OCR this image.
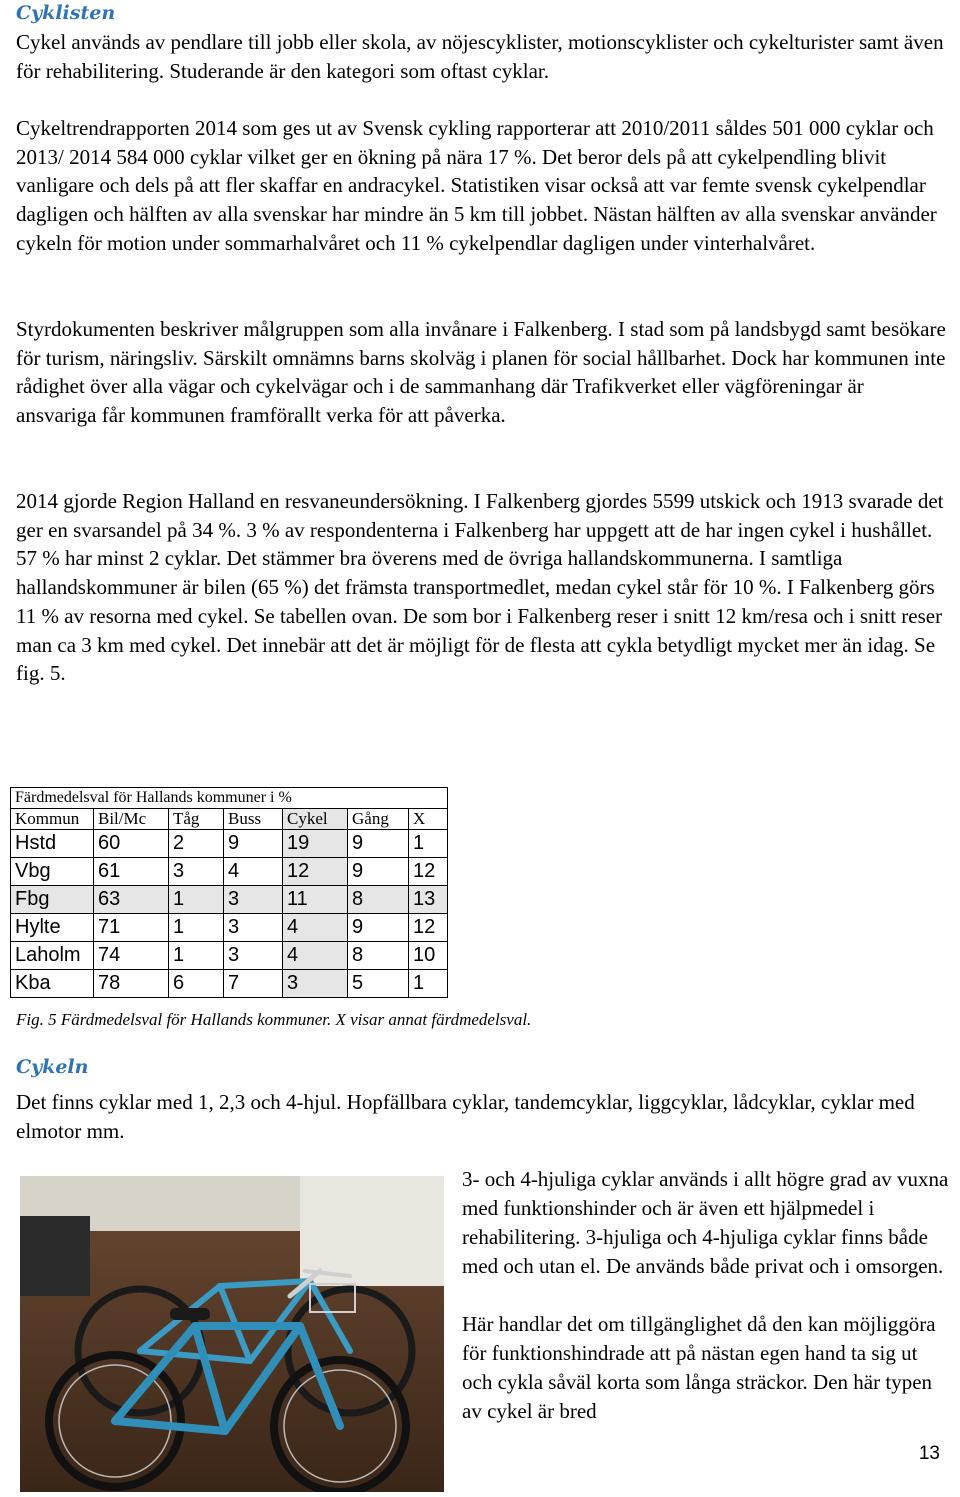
Cyklisten

Cykel används av pendlare till jobb eller skola, av nöjescyklister, motionscyklister och cykelturister samt även för rehabilitering. Studerande är den kategori som oftast cyklar.

Cykeltrendrapporten 2014 som ges ut av Svensk cykling rapporterar att 2010/2011 såldes 501 000 cyklar och 2013/ 2014 584 000 cyklar vilket ger en ökning på nära 17 %. Det beror dels på att cykelpendling blivit vanligare och dels på att fler skaffar en andracykel. Statistiken visar också att var femte svensk cykelpendlar dagligen och hälften av alla svenskar har mindre än 5 km till jobbet. Nästan hälften av alla svenskar använder cykeln för motion under sommarhalvåret och 11 % cykelpendlar dagligen under vinterhalvåret.

Styrdokumenten beskriver målgruppen som alla invånare i Falkenberg. I stad som på landsbygd samt besökare för turism, näringsliv. Särskilt omnämns barns skolväg i planen för social hållbarhet. Dock har kommunen inte rådighet över alla vägar och cykelvägar och i de sammanhang där Trafikverket eller vägföreningar är ansvariga får kommunen framförallt verka för att påverka.

2014 gjorde Region Halland en resvaneundersökning. I Falkenberg gjordes 5599 utskick och 1913 svarade det ger en svarsandel på 34 %. 3 % av respondenterna i Falkenberg har uppgett att de har ingen cykel i hushållet. 57 % har minst 2 cyklar. Det stämmer bra överens med de övriga hallandskommunerna. I samtliga hallandskommuner är bilen (65 %) det främsta transportmedlet, medan cykel står för 10 %. I Falkenberg görs 11 % av resorna med cykel. Se tabellen ovan. De som bor i Falkenberg reser i snitt 12 km/resa och i snitt reser man ca 3 km med cykel. Det innebär att det är möjligt för de flesta att cykla betydligt mycket mer än idag. Se fig. 5.

Färdmedelsval för Hallands kommuner i %						
Kommun	Bil/Mc	Tåg	Buss	Cykel	Gång	X
Hstd	60	2	9	19	9	1
Vbg	61	3	4	12	9	12
Fbg	63	1	3	11	8	13
Hylte	71	1	3	4	9	12
Laholm	74	1	3	4	8	10
Kba	78	6	7	3	5	1

Fig. 5 Färdmedelsval för Hallands kommuner. X visar annat färdmedelsval.

Cykeln

Det finns cyklar med 1, 2,3 och 4-hjul. Hopfällbara cyklar, tandemcyklar, liggcyklar, lådcyklar, cyklar med elmotor mm.

3- och 4-hjuliga cyklar används i allt högre grad av vuxna med funktionshinder och är även ett hjälpmedel i rehabilitering. 3-hjuliga och 4-hjuliga cyklar finns både med och utan el. De används både privat och i omsorgen.

Här handlar det om tillgänglighet då den kan möjliggöra för funktionshindrade att på nästan egen hand ta sig ut och cykla såväl korta som långa sträckor. Den här typen av cykel är bred

13
